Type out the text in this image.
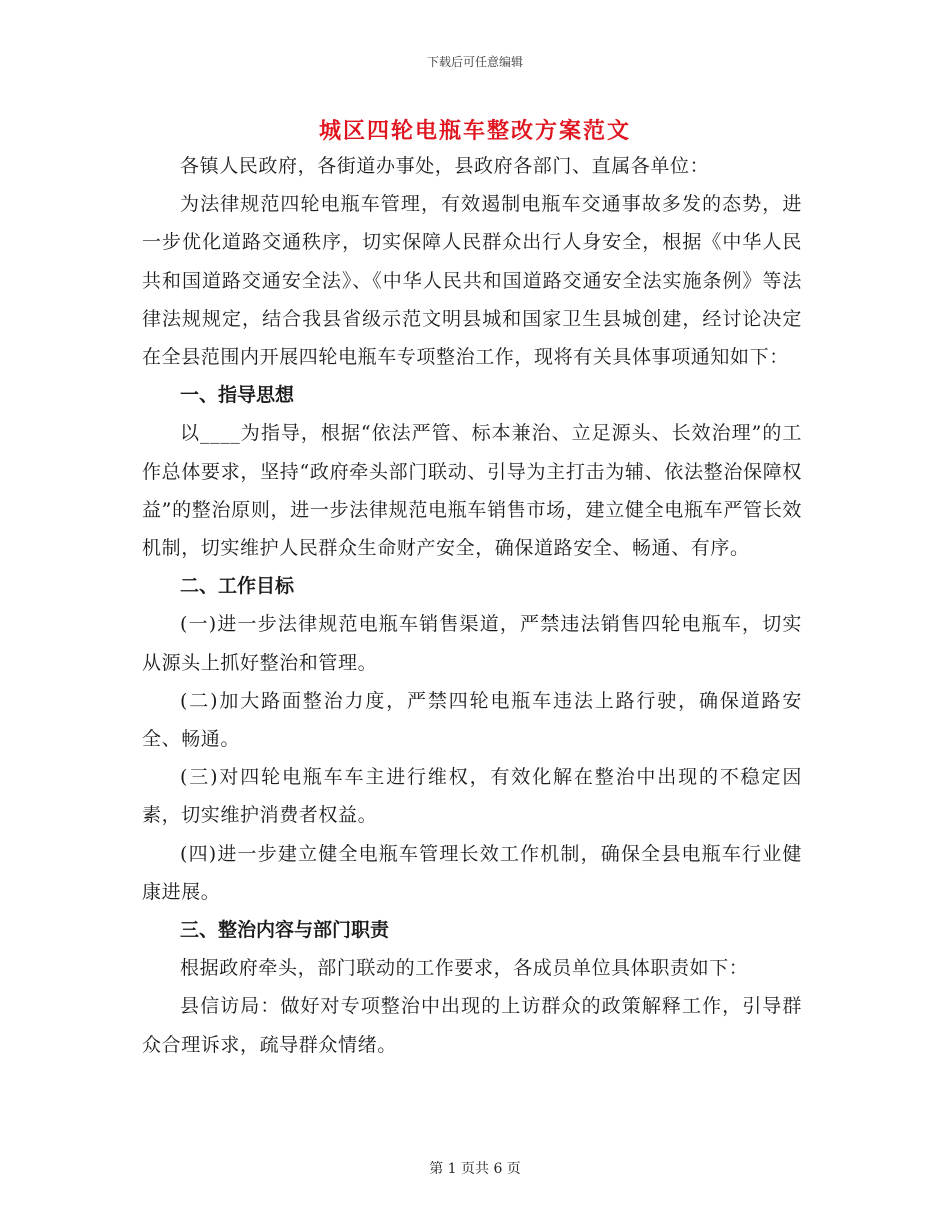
下载后可任意编辑
城区四轮电瓶车整改方案范文

各镇人民政府，各街道办事处，县政府各部门、直属各单位：

为法律规范四轮电瓶车管理，有效遏制电瓶车交通事故多发的态势，进一步优化道路交通秩序，切实保障人民群众出行人身安全，根据《中华人民共和国道路交通安全法》、《中华人民共和国道路交通安全法实施条例》等法律法规规定，结合我县省级示范文明县城和国家卫生县城创建，经讨论决定在全县范围内开展四轮电瓶车专项整治工作，现将有关具体事项通知如下：

一、指导思想

以____为指导，根据“依法严管、标本兼治、立足源头、长效治理”的工作总体要求，坚持“政府牵头部门联动、引导为主打击为辅、依法整治保障权益”的整治原则，进一步法律规范电瓶车销售市场，建立健全电瓶车严管长效机制，切实维护人民群众生命财产安全，确保道路安全、畅通、有序。

二、工作目标

(一)进一步法律规范电瓶车销售渠道，严禁违法销售四轮电瓶车，切实从源头上抓好整治和管理。

(二)加大路面整治力度，严禁四轮电瓶车违法上路行驶，确保道路安全、畅通。

(三)对四轮电瓶车车主进行维权，有效化解在整治中出现的不稳定因素，切实维护消费者权益。

(四)进一步建立健全电瓶车管理长效工作机制，确保全县电瓶车行业健康进展。

三、整治内容与部门职责

根据政府牵头，部门联动的工作要求，各成员单位具体职责如下：

县信访局：做好对专项整治中出现的上访群众的政策解释工作，引导群众合理诉求，疏导群众情绪。

第 1 页共 6 页
